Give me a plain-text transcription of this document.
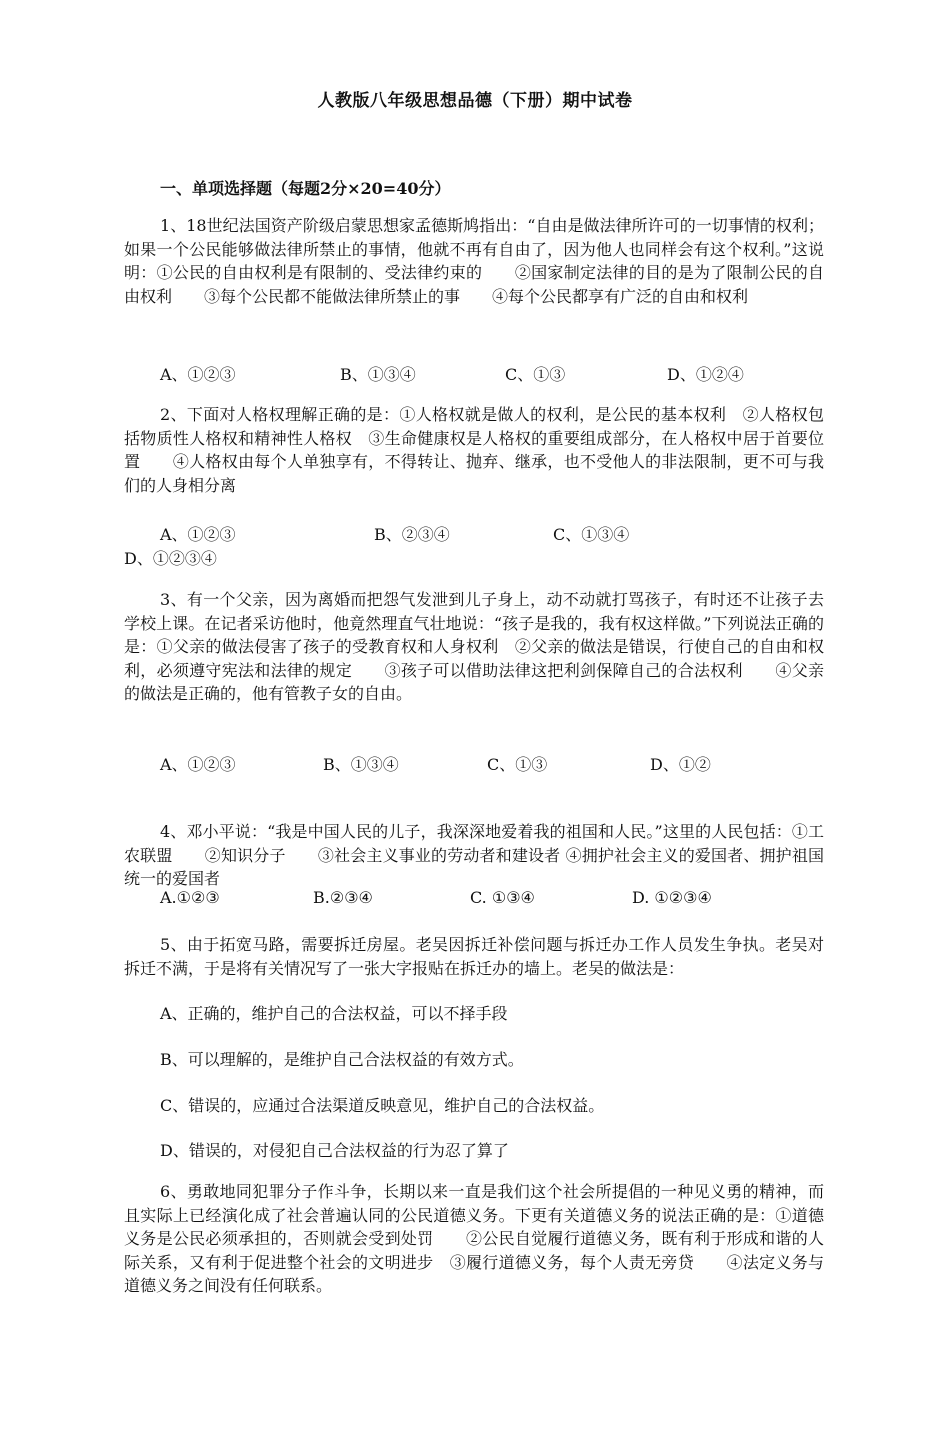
人教版八年级思想品德（下册）期中试卷
一、单项选择题（每题2分×20=40分）
1、18世纪法国资产阶级启蒙思想家孟德斯鸠指出：“自由是做法律所许可的一切事情的权利；如果一个公民能够做法律所禁止的事情，他就不再有自由了，因为他人也同样会有这个权利。”这说明：①公民的自由权利是有限制的、受法律约束的　　②国家制定法律的目的是为了限制公民的自由权利　　③每个公民都不能做法律所禁止的事　　④每个公民都享有广泛的自由和权利
A、①②③	B、①③④	C、①③	D、①②④
2、下面对人格权理解正确的是：①人格权就是做人的权利，是公民的基本权利　②人格权包括物质性人格权和精神性人格权　③生命健康权是人格权的重要组成部分，在人格权中居于首要位置　　④人格权由每个人单独享有，不得转让、抛弃、继承，也不受他人的非法限制，更不可与我们的人身相分离
A、①②③	B、②③④	C、①③④
D、①②③④
3、有一个父亲，因为离婚而把怨气发泄到儿子身上，动不动就打骂孩子，有时还不让孩子去学校上课。在记者采访他时，他竟然理直气壮地说：“孩子是我的，我有权这样做。”下列说法正确的是：①父亲的做法侵害了孩子的受教育权和人身权利　②父亲的做法是错误，行使自己的自由和权利，必须遵守宪法和法律的规定　　③孩子可以借助法律这把利剑保障自己的合法权利　　④父亲的做法是正确的，他有管教子女的自由。
A、①②③	B、①③④	C、①③	D、①②
4、邓小平说：“我是中国人民的儿子，我深深地爱着我的祖国和人民。”这里的人民包括：①工农联盟　　②知识分子　　③社会主义事业的劳动者和建设者 ④拥护社会主义的爱国者、拥护祖国统一的爱国者
A.①②③	B.②③④	C. ①③④	D. ①②③④
5、由于拓宽马路，需要拆迁房屋。老吴因拆迁补偿问题与拆迁办工作人员发生争执。老吴对拆迁不满，于是将有关情况写了一张大字报贴在拆迁办的墙上。老吴的做法是：
A、正确的，维护自己的合法权益，可以不择手段
B、可以理解的，是维护自己合法权益的有效方式。
C、错误的，应通过合法渠道反映意见，维护自己的合法权益。
D、错误的，对侵犯自己合法权益的行为忍了算了
6、勇敢地同犯罪分子作斗争，长期以来一直是我们这个社会所提倡的一种见义勇的精神，而且实际上已经演化成了社会普遍认同的公民道德义务。下更有关道德义务的说法正确的是：①道德义务是公民必须承担的，否则就会受到处罚　　②公民自觉履行道德义务，既有利于形成和谐的人际关系，又有利于促进整个社会的文明进步　③履行道德义务，每个人责无旁贷　　④法定义务与道德义务之间没有任何联系。
